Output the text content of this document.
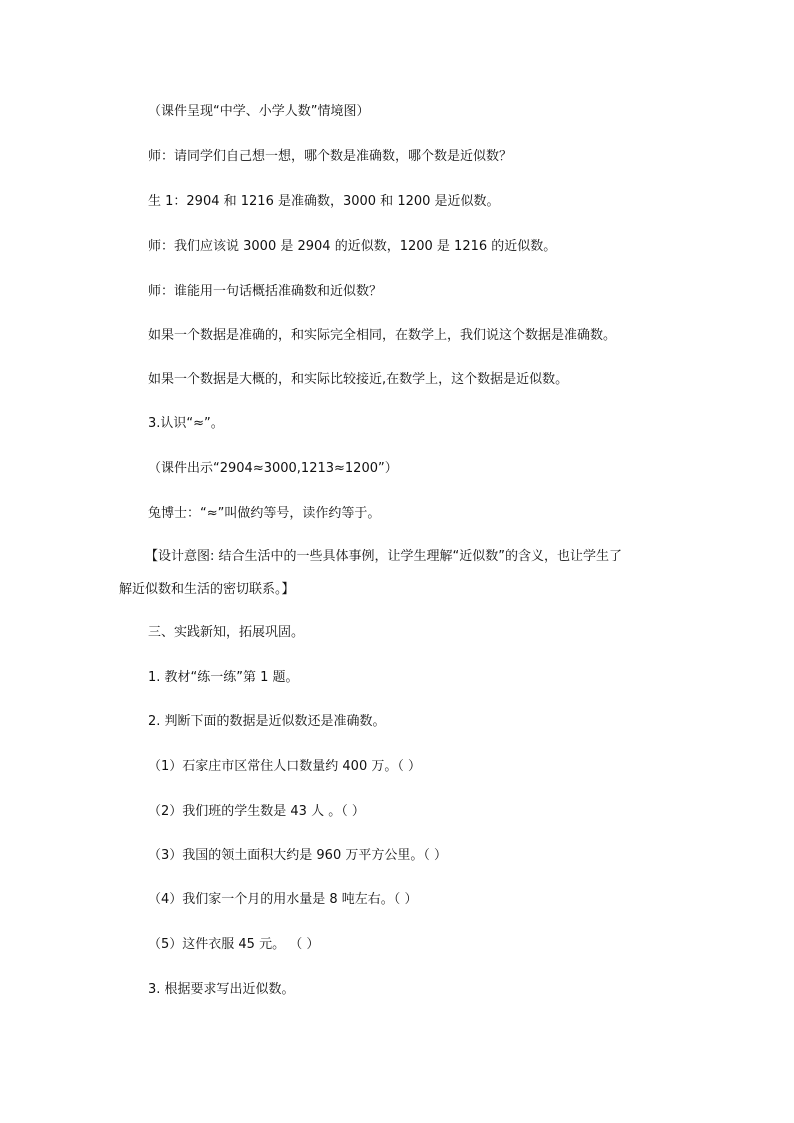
（课件呈现“中学、小学人数”情境图）
师：请同学们自己想一想，哪个数是准确数，哪个数是近似数？
生 1：2904 和 1216 是准确数，3000 和 1200 是近似数。
师：我们应该说 3000 是 2904 的近似数，1200 是 1216 的近似数。
师：谁能用一句话概括准确数和近似数？
如果一个数据是准确的，和实际完全相同，在数学上，我们说这个数据是准确数。
如果一个数据是大概的，和实际比较接近,在数学上，这个数据是近似数。
3.认识“≈”。
（课件出示“2904≈3000,1213≈1200”）
兔博士：“≈”叫做约等号，读作约等于。
【设计意图: 结合生活中的一些具体事例，让学生理解“近似数”的含义，也让学生了
解近似数和生活的密切联系。】
三、实践新知，拓展巩固。
1. 教材“练一练”第 1 题。
2. 判断下面的数据是近似数还是准确数。
（1）石家庄市区常住人口数量约 400 万。（ ）
（2）我们班的学生数是 43 人 。（ ）
（3）我国的领土面积大约是 960 万平方公里。（ ）
（4）我们家一个月的用水量是 8 吨左右。（ ）
（5）这件衣服 45 元。 （ ）
3. 根据要求写出近似数。
